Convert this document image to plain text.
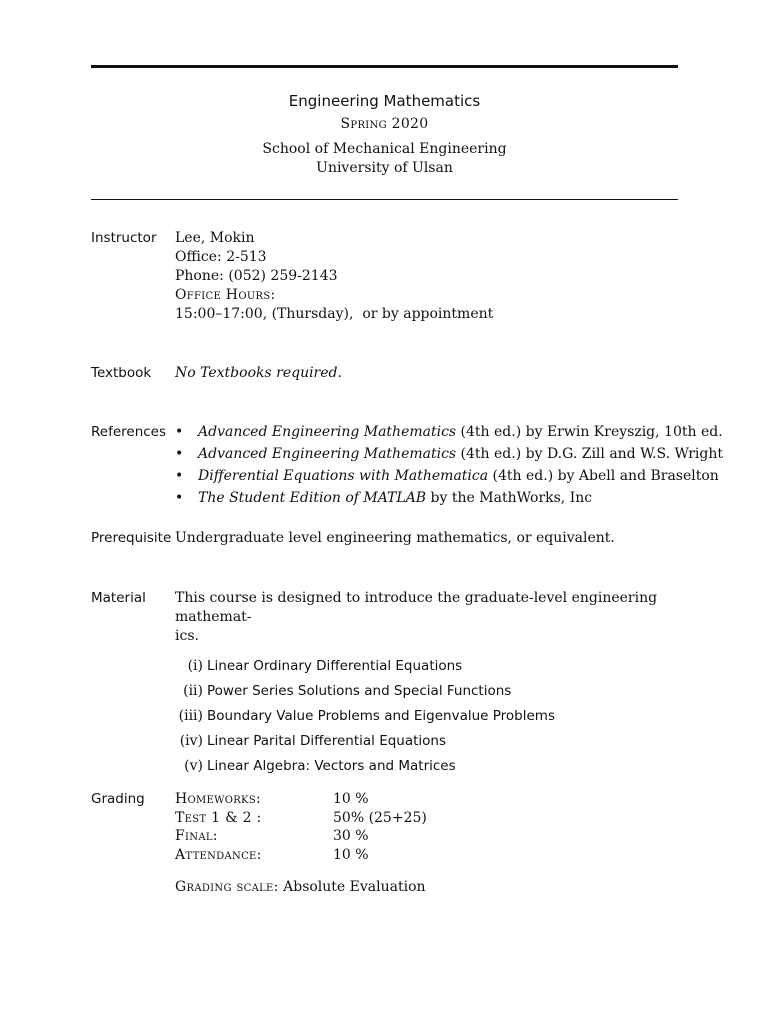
Engineering Mathematics
Spring 2020
School of Mechanical Engineering
University of Ulsan
Instructor Lee, Mokin
Office: 2-513
Phone: (052) 259-2143
Office Hours:
15:00–17:00, (Thursday),  or by appointment
Textbook No Textbooks required.
References • Advanced Engineering Mathematics (4th ed.) by Erwin Kreyszig, 10th ed.
• Advanced Engineering Mathematics (4th ed.) by D.G. Zill and W.S. Wright
• Differential Equations with Mathematica (4th ed.) by Abell and Braselton
• The Student Edition of MATLAB by the MathWorks, Inc
Prerequisite Undergraduate level engineering mathematics, or equivalent.
Material This course is designed to introduce the graduate-level engineering mathemat-
ics.
(i) Linear Ordinary Differential Equations
(ii) Power Series Solutions and Special Functions
(iii) Boundary Value Problems and Eigenvalue Problems
(iv) Linear Parital Differential Equations
(v) Linear Algebra: Vectors and Matrices
Grading Homeworks:	10 %
Test 1 & 2 :	50% (25+25)
Final:	30 %
Attendance:	10 %
Grading scale: Absolute Evaluation
